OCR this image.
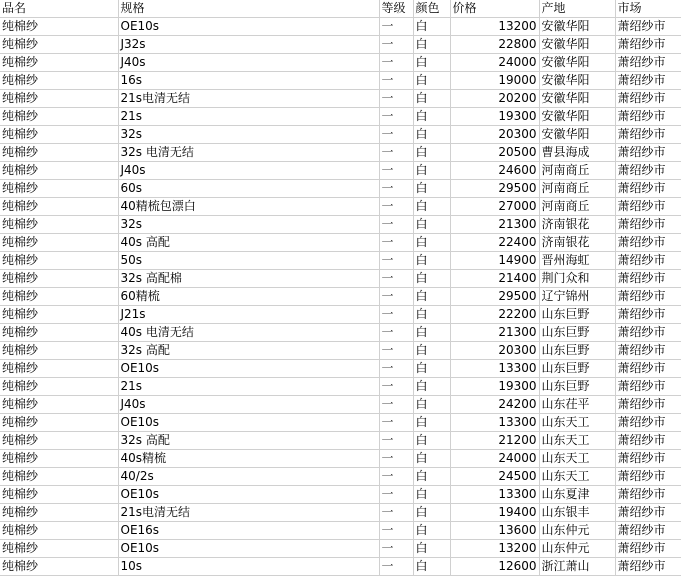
品名	规格	等级	颜色	价格	产地	市场
纯棉纱	OE10s	一	白	13200	安徽华阳	萧绍纱市
纯棉纱	J32s	一	白	22800	安徽华阳	萧绍纱市
纯棉纱	J40s	一	白	24000	安徽华阳	萧绍纱市
纯棉纱	16s	一	白	19000	安徽华阳	萧绍纱市
纯棉纱	21s电清无结	一	白	20200	安徽华阳	萧绍纱市
纯棉纱	21s	一	白	19300	安徽华阳	萧绍纱市
纯棉纱	32s	一	白	20300	安徽华阳	萧绍纱市
纯棉纱	32s 电清无结	一	白	20500	曹县海成	萧绍纱市
纯棉纱	J40s	一	白	24600	河南商丘	萧绍纱市
纯棉纱	60s	一	白	29500	河南商丘	萧绍纱市
纯棉纱	40精梳包漂白	一	白	27000	河南商丘	萧绍纱市
纯棉纱	32s	一	白	21300	济南银花	萧绍纱市
纯棉纱	40s 高配	一	白	22400	济南银花	萧绍纱市
纯棉纱	50s	一	白	14900	晋州海虹	萧绍纱市
纯棉纱	32s 高配棉	一	白	21400	荆门众和	萧绍纱市
纯棉纱	60精梳	一	白	29500	辽宁锦州	萧绍纱市
纯棉纱	J21s	一	白	22200	山东巨野	萧绍纱市
纯棉纱	40s 电清无结	一	白	21300	山东巨野	萧绍纱市
纯棉纱	32s 高配	一	白	20300	山东巨野	萧绍纱市
纯棉纱	OE10s	一	白	13300	山东巨野	萧绍纱市
纯棉纱	21s	一	白	19300	山东巨野	萧绍纱市
纯棉纱	J40s	一	白	24200	山东茌平	萧绍纱市
纯棉纱	OE10s	一	白	13300	山东天工	萧绍纱市
纯棉纱	32s 高配	一	白	21200	山东天工	萧绍纱市
纯棉纱	40s精梳	一	白	24000	山东天工	萧绍纱市
纯棉纱	40/2s	一	白	24500	山东天工	萧绍纱市
纯棉纱	OE10s	一	白	13300	山东夏津	萧绍纱市
纯棉纱	21s电清无结	一	白	19400	山东银丰	萧绍纱市
纯棉纱	OE16s	一	白	13600	山东仲元	萧绍纱市
纯棉纱	OE10s	一	白	13200	山东仲元	萧绍纱市
纯棉纱	10s	一	白	12600	浙江萧山	萧绍纱市
